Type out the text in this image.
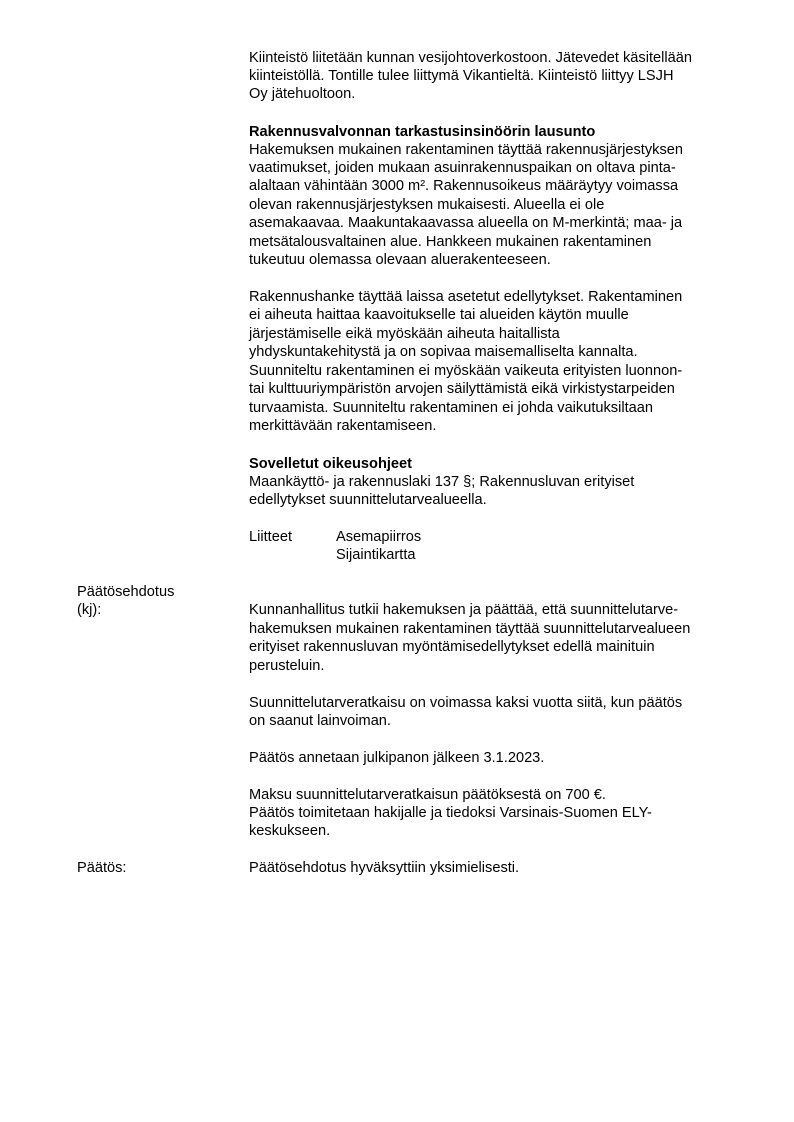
Kiinteistö liitetään kunnan vesijohtoverkostoon. Jätevedet käsitellään
kiinteistöllä. Tontille tulee liittymä Vikantieltä. Kiinteistö liittyy LSJH
Oy jätehuoltoon.
Rakennusvalvonnan tarkastusinsinöörin lausunto
Hakemuksen mukainen rakentaminen täyttää rakennusjärjestyksen
vaatimukset, joiden mukaan asuinrakennuspaikan on oltava pinta-
alaltaan vähintään 3000 m². Rakennusoikeus määräytyy voimassa
olevan rakennusjärjestyksen mukaisesti. Alueella ei ole
asemakaavaa. Maakuntakaavassa alueella on M-merkintä; maa- ja
metsätalousvaltainen alue. Hankkeen mukainen rakentaminen
tukeutuu olemassa olevaan aluerakenteeseen.
Rakennushanke täyttää laissa asetetut edellytykset. Rakentaminen
ei aiheuta haittaa kaavoitukselle tai alueiden käytön muulle
järjestämiselle eikä myöskään aiheuta haitallista
yhdyskuntakehitystä ja on sopivaa maisemalliselta kannalta.
Suunniteltu rakentaminen ei myöskään vaikeuta erityisten luonnon-
tai kulttuuriympäristön arvojen säilyttämistä eikä virkistystarpeiden
turvaamista. Suunniteltu rakentaminen ei johda vaikutuksiltaan
merkittävään rakentamiseen.
Sovelletut oikeusohjeet
Maankäyttö- ja rakennuslaki 137 §; Rakennusluvan erityiset
edellytykset suunnittelutarvealueella.
Liitteet	Asemapiirros
Sijaintikartta
Päätösehdotus
(kj):	Kunnanhallitus tutkii hakemuksen ja päättää, että suunnittelutarve-
hakemuksen mukainen rakentaminen täyttää suunnittelutarvealueen
erityiset rakennusluvan myöntämisedellytykset edellä mainituin
perusteluin.
Suunnittelutarveratkaisu on voimassa kaksi vuotta siitä, kun päätös
on saanut lainvoiman.
Päätös annetaan julkipanon jälkeen 3.1.2023.
Maksu suunnittelutarveratkaisun päätöksestä on 700 €.
Päätös toimitetaan hakijalle ja tiedoksi Varsinais-Suomen ELY-
keskukseen.
Päätös:	Päätösehdotus hyväksyttiin yksimielisesti.
